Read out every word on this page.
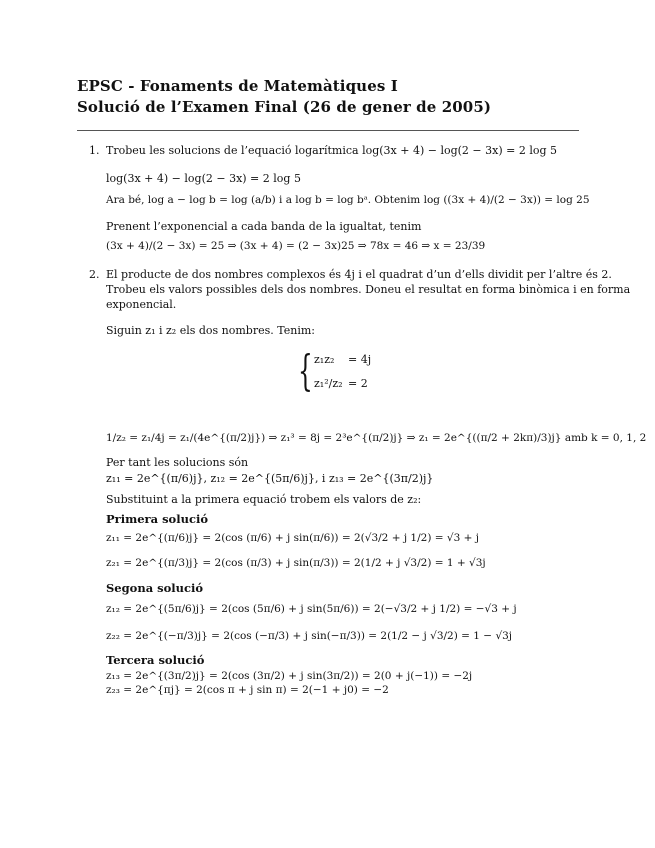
EPSC - Fonaments de Matemàtiques I
Solució de l’Examen Final (26 de gener de 2005)
1. Trobeu les solucions de l’equació logarítmica log(3x + 4) − log(2 − 3x) = 2 log 5
log(3x + 4) − log(2 − 3x) = 2 log 5
Ara bé, log a − log b = log (a/b) i a log b = log bᵃ. Obtenim log ((3x + 4)/(2 − 3x)) = log 25
Prenent l’exponencial a cada banda de la igualtat, tenim
(3x + 4)/(2 − 3x) = 25 ⇒ (3x + 4) = (2 − 3x)25 ⇒ 78x = 46 ⇒ x = 23/39
2. El producte de dos nombres complexos és 4j i el quadrat d’un d’ells dividit per l’altre és 2.
Trobeu els valors possibles dels dos nombres. Doneu el resultat en forma binòmica i en forma
exponencial.
Siguin z₁ i z₂ els dos nombres. Tenim:
{ z₁z₂ = 4j
z₁²/z₂ = 2
1/z₂ = z₁/4j = z₁/(4e^{(π/2)j}) ⇒ z₁³ = 8j = 2³e^{(π/2)j} ⇒ z₁ = 2e^{((π/2 + 2kπ)/3)j} amb k = 0, 1, 2
Per tant les solucions són
z₁₁ = 2e^{(π/6)j}, z₁₂ = 2e^{(5π/6)j}, i z₁₃ = 2e^{(3π/2)j}
Substituint a la primera equació trobem els valors de z₂:
Primera solució
z₁₁ = 2e^{(π/6)j} = 2(cos (π/6) + j sin(π/6)) = 2(√3/2 + j 1/2) = √3 + j
z₂₁ = 2e^{(π/3)j} = 2(cos (π/3) + j sin(π/3)) = 2(1/2 + j √3/2) = 1 + √3j
Segona solució
z₁₂ = 2e^{(5π/6)j} = 2(cos (5π/6) + j sin(5π/6)) = 2(−√3/2 + j 1/2) = −√3 + j
z₂₂ = 2e^{(−π/3)j} = 2(cos (−π/3) + j sin(−π/3)) = 2(1/2 − j √3/2) = 1 − √3j
Tercera solució
z₁₃ = 2e^{(3π/2)j} = 2(cos (3π/2) + j sin(3π/2)) = 2(0 + j(−1)) = −2j
z₂₃ = 2e^{πj} = 2(cos π + j sin π) = 2(−1 + j0) = −2
